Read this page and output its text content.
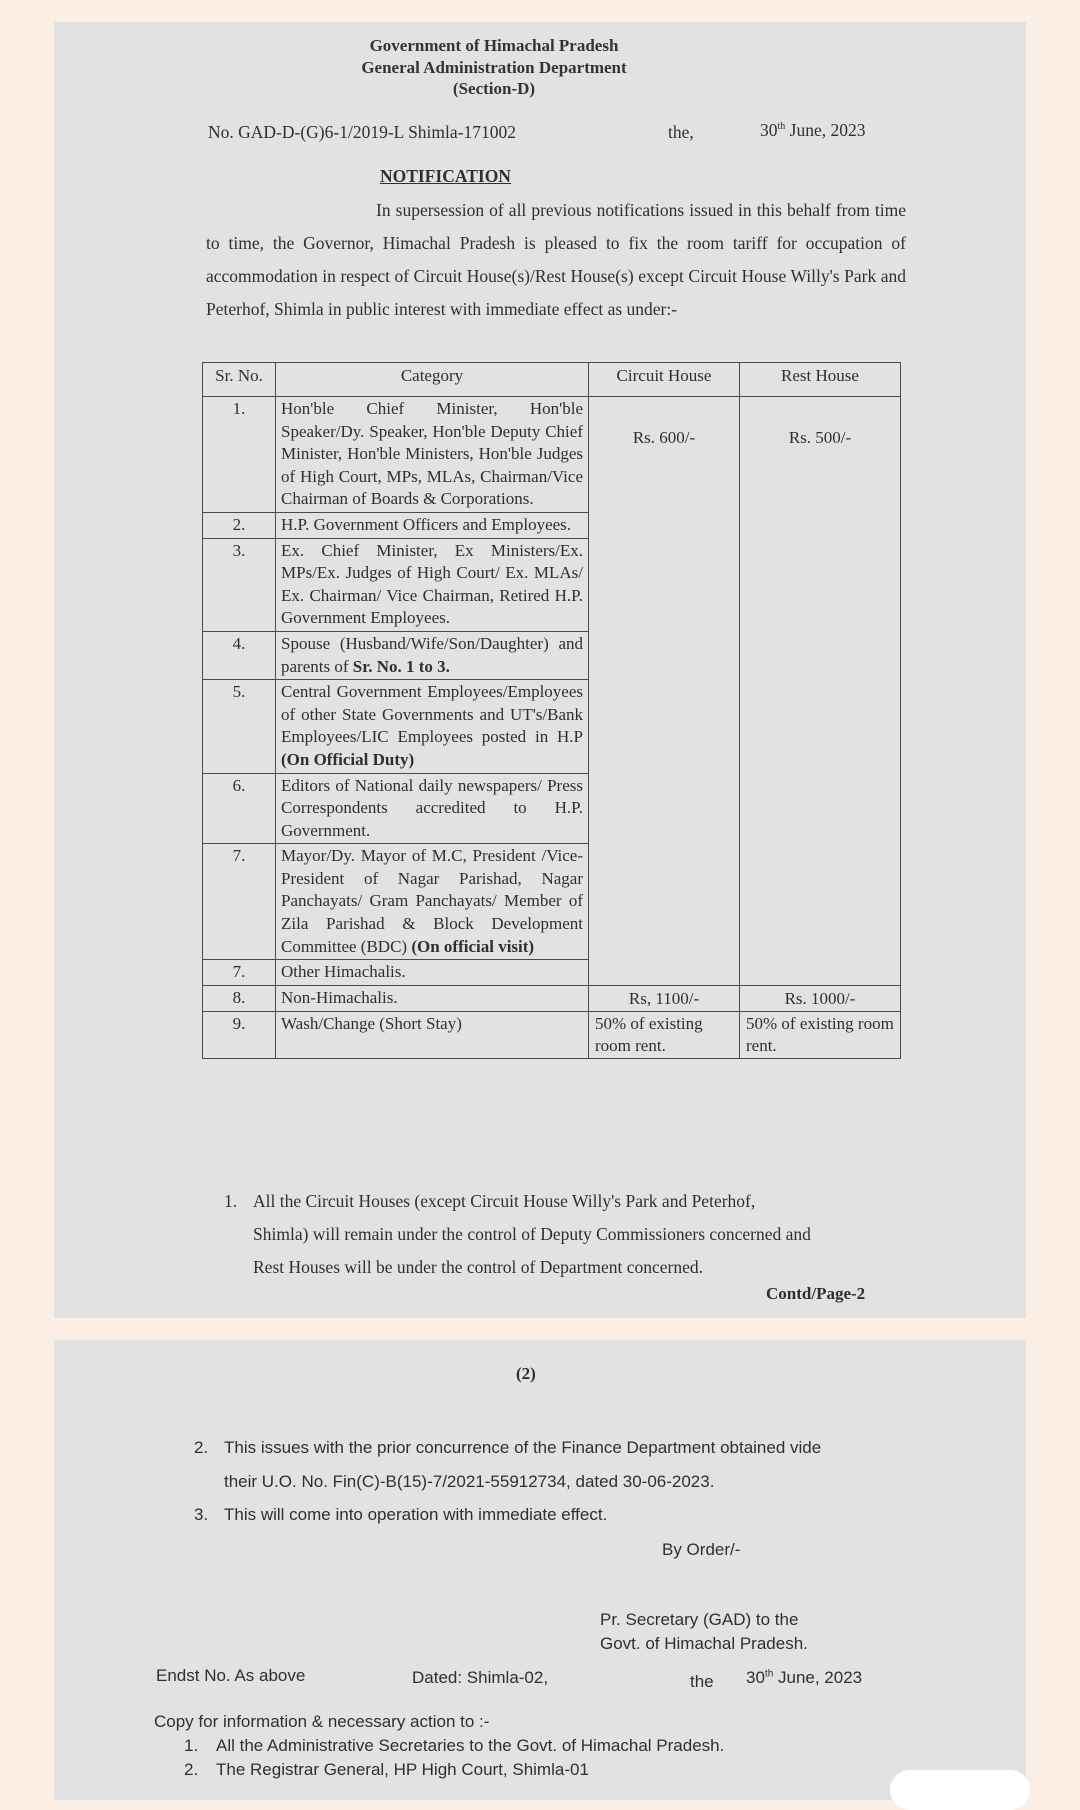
Government of Himachal Pradesh
General Administration Department
(Section-D)
No. GAD-D-(G)6-1/2019-L Shimla-171002	the,	30th June, 2023
NOTIFICATION
In supersession of all previous notifications issued in this behalf from time to time, the Governor, Himachal Pradesh is pleased to fix the room tariff for occupation of accommodation in respect of Circuit House(s)/Rest House(s) except Circuit House Willy's Park and Peterhof, Shimla in public interest with immediate effect as under:-
Sr. No.	Category	Circuit House	Rest House
1.	Hon'ble Chief Minister, Hon'ble Speaker/Dy. Speaker, Hon'ble Deputy Chief Minister, Hon'ble Ministers, Hon'ble Judges of High Court, MPs, MLAs, Chairman/Vice Chairman of Boards & Corporations.	Rs. 600/-	Rs. 500/-
2.	H.P. Government Officers and Employees.		
3.	Ex. Chief Minister, Ex Ministers/Ex. MPs/Ex. Judges of High Court/ Ex. MLAs/ Ex. Chairman/ Vice Chairman, Retired H.P. Government Employees.		
4.	Spouse (Husband/Wife/Son/Daughter) and parents of Sr. No. 1 to 3.		
5.	Central Government Employees/Employees of other State Governments and UT's/Bank Employees/LIC Employees posted in H.P (On Official Duty)		
6.	Editors of National daily newspapers/ Press Correspondents accredited to H.P. Government.		
7.	Mayor/Dy. Mayor of M.C, President /Vice-President of Nagar Parishad, Nagar Panchayats/ Gram Panchayats/ Member of Zila Parishad & Block Development Committee (BDC) (On official visit)		
7.	Other Himachalis.		
8.	Non-Himachalis.	Rs, 1100/-	Rs. 1000/-
9.	Wash/Change (Short Stay)	50% of existing room rent.	50% of existing room rent.
1. All the Circuit Houses (except Circuit House Willy's Park and Peterhof,
Shimla) will remain under the control of Deputy Commissioners concerned and
Rest Houses will be under the control of Department concerned.
Contd/Page-2
(2)
2. This issues with the prior concurrence of the Finance Department obtained vide
their U.O. No. Fin(C)-B(15)-7/2021-55912734, dated 30-06-2023.
3. This will come into operation with immediate effect.
By Order/-
Pr. Secretary (GAD) to the
Govt. of Himachal Pradesh.
Endst No. As above	Dated: Shimla-02,	the 30th June, 2023
Copy for information & necessary action to :-
1. All the Administrative Secretaries to the Govt. of Himachal Pradesh.
2. The Registrar General, HP High Court, Shimla-01
